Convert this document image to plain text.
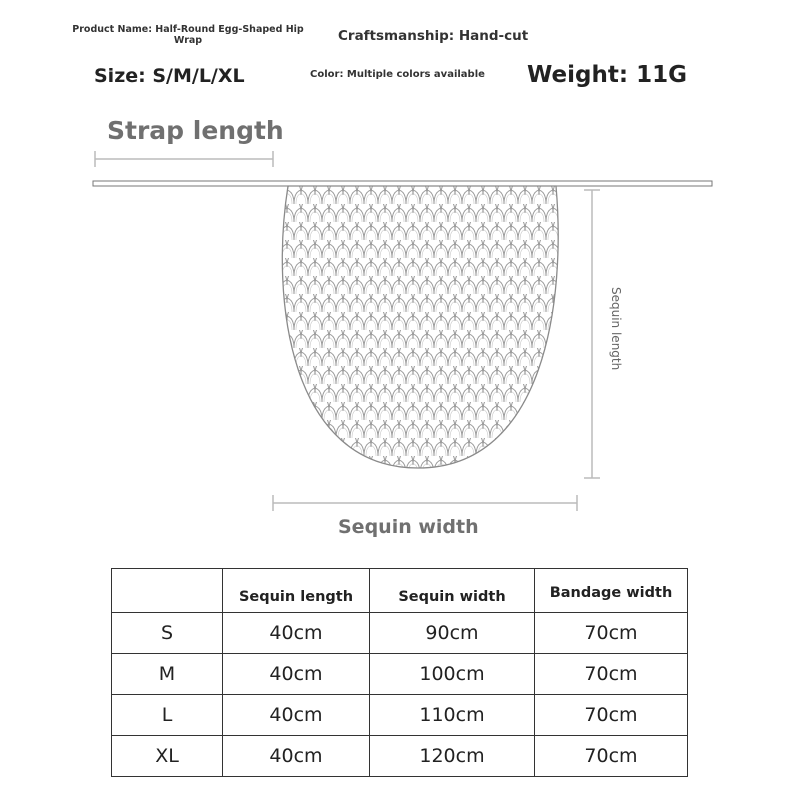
Product Name: Half-Round Egg-Shaped Hip Wrap	Craftsmanship: Hand-cut
Size: S/M/L/XL	Color: Multiple colors available Weight: 11G
Sequin length
Strap length
Sequin width
	Sequin length	Sequin width	Bandage width
S	40cm	90cm	70cm
M	40cm	100cm	70cm
L	40cm	110cm	70cm
XL	40cm	120cm	70cm
